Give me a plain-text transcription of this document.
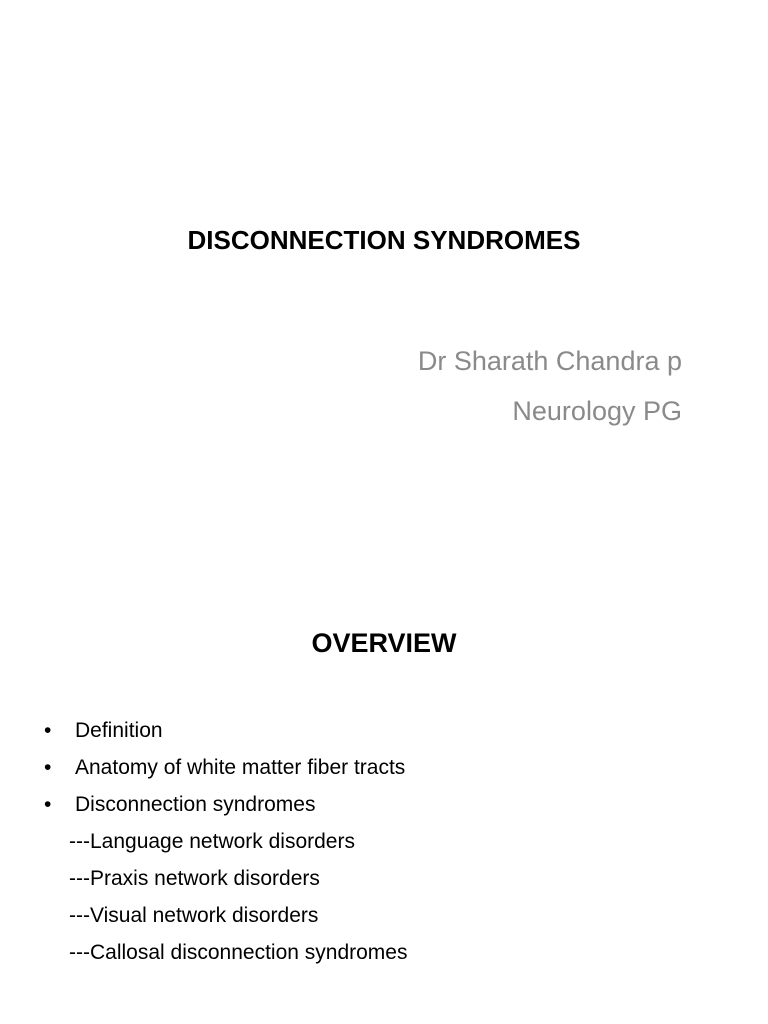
DISCONNECTION SYNDROMES
Dr Sharath Chandra p
Neurology PG
OVERVIEW
• Definition
• Anatomy of white matter fiber tracts
• Disconnection syndromes
---Language network disorders
---Praxis network disorders
---Visual network disorders
---Callosal disconnection syndromes
